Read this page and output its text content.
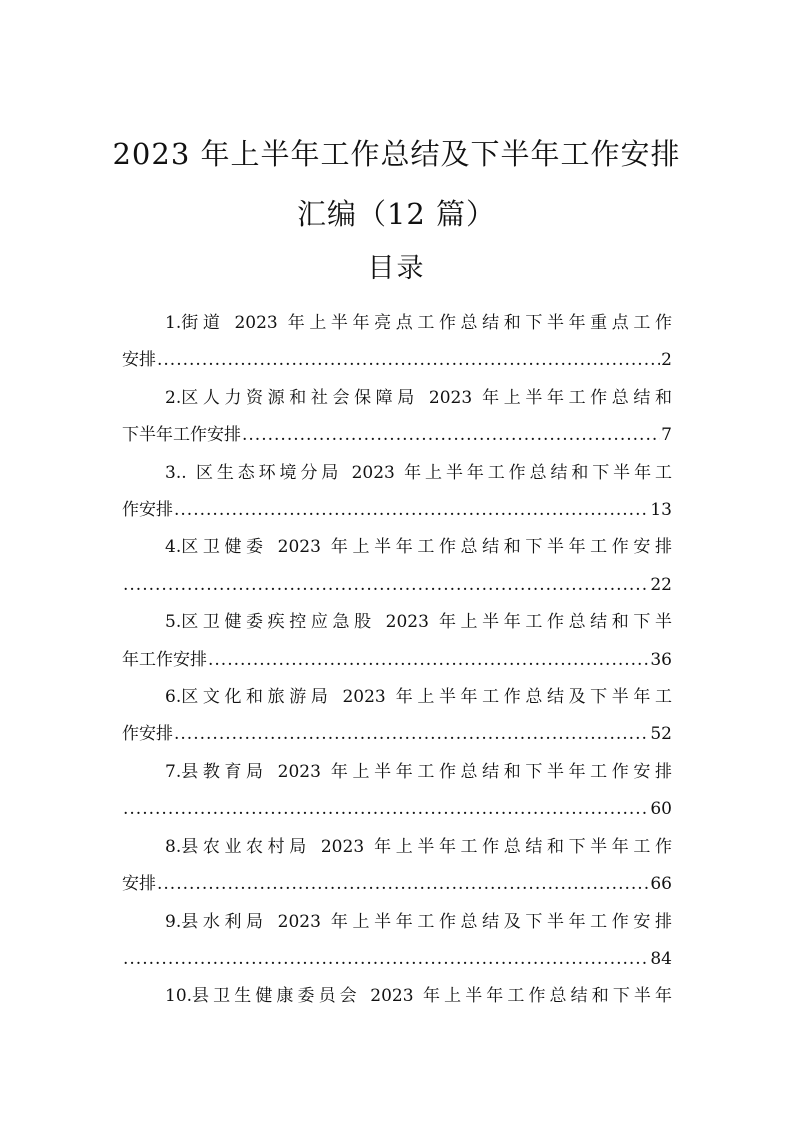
2023 年上半年工作总结及下半年工作安排
汇编（12 篇）
目录
1. 街道 2023 年上半年亮点工作总结和下半年重点工作
安排 .....	2
2. 区人力资源和社会保障局 2023 年上半年工作总结和
下半年工作安排 .....	7
3. . 区生态环境分局 2023 年上半年工作总结和下半年工
作安排 .....	13
4. 区卫健委 2023 年上半年工作总结和下半年工作安排
.....
22
5. 区卫健委疾控应急股 2023 年上半年工作总结和下半
年工作安排 .....	36
6. 区文化和旅游局 2023 年上半年工作总结及下半年工
作安排 .....	52
7. 县教育局 2023 年上半年工作总结和下半年工作安排
.....
60
8. 县农业农村局 2023 年上半年工作总结和下半年工作
安排 .....	66
9. 县水利局 2023 年上半年工作总结及下半年工作安排
.....
84
10. 县卫生健康委员会 2023 年上半年工作总结和下半年
